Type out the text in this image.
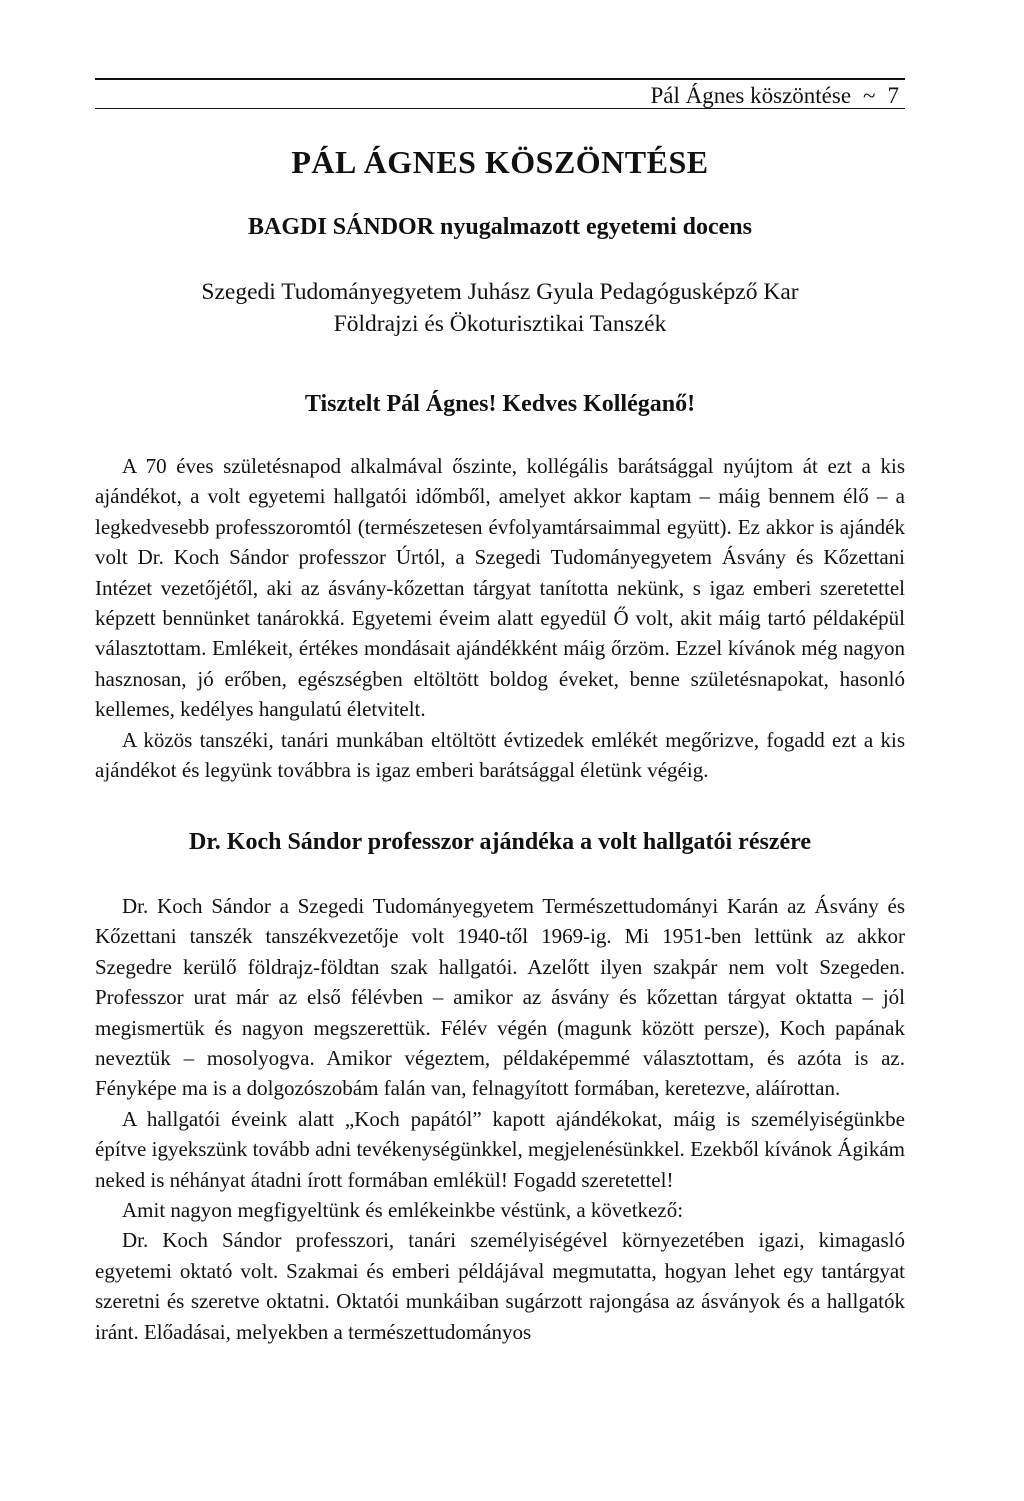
Pál Ágnes köszöntése ~ 7
PÁL ÁGNES KÖSZÖNTÉSE
BAGDI SÁNDOR nyugalmazott egyetemi docens
Szegedi Tudományegyetem Juhász Gyula Pedagógusképző Kar
Földrajzi és Ökoturisztikai Tanszék
Tisztelt Pál Ágnes! Kedves Kolléganő!

A 70 éves születésnapod alkalmával őszinte, kollégális barátsággal nyújtom át ezt a kis ajándékot, a volt egyetemi hallgatói időmből, amelyet akkor kaptam – máig bennem élő – a legkedvesebb professzoromtól (természetesen évfolyamtársaimmal együtt). Ez akkor is ajándék volt Dr. Koch Sándor professzor Úrtól, a Szegedi Tudományegyetem Ásvány és Kőzettani Intézet vezetőjétől, aki az ásvány-kőzettan tárgyat tanította nekünk, s igaz emberi szeretettel képzett bennünket tanárokká. Egyetemi éveim alatt egyedül Ő volt, akit máig tartó példaképül választottam. Emlékeit, értékes mondásait ajándékként máig őrzöm. Ezzel kívánok még nagyon hasznosan, jó erőben, egészségben eltöltött boldog éveket, benne születésnapokat, hasonló kellemes, kedélyes hangulatú életvitelt.

A közös tanszéki, tanári munkában eltöltött évtizedek emlékét megőrizve, fogadd ezt a kis ajándékot és legyünk továbbra is igaz emberi barátsággal életünk végéig.

Dr. Koch Sándor professzor ajándéka a volt hallgatói részére

Dr. Koch Sándor a Szegedi Tudományegyetem Természettudományi Karán az Ásvány és Kőzettani tanszék tanszékvezetője volt 1940-től 1969-ig. Mi 1951-ben lettünk az akkor Szegedre kerülő földrajz-földtan szak hallgatói. Azelőtt ilyen szakpár nem volt Szegeden. Professzor urat már az első félévben – amikor az ásvány és kőzettan tárgyat oktatta – jól megismertük és nagyon megszerettük. Félév végén (magunk között persze), Koch papának neveztük – mosolyogva. Amikor végeztem, példaképemmé választottam, és azóta is az. Fényképe ma is a dolgozószobám falán van, felnagyított formában, keretezve, aláírottan.

A hallgatói éveink alatt „Koch papától” kapott ajándékokat, máig is személyiségünkbe építve igyekszünk tovább adni tevékenységünkkel, megjelenésünkkel. Ezekből kívánok Ágikám neked is néhányat átadni írott formában emlékül! Fogadd szeretettel!

Amit nagyon megfigyeltünk és emlékeinkbe véstünk, a következő:

Dr. Koch Sándor professzori, tanári személyiségével környezetében igazi, kimagasló egyetemi oktató volt. Szakmai és emberi példájával megmutatta, hogyan lehet egy tantárgyat szeretni és szeretve oktatni. Oktatói munkáiban sugárzott rajongása az ásványok és a hallgatók iránt. Előadásai, melyekben a természettudományos
